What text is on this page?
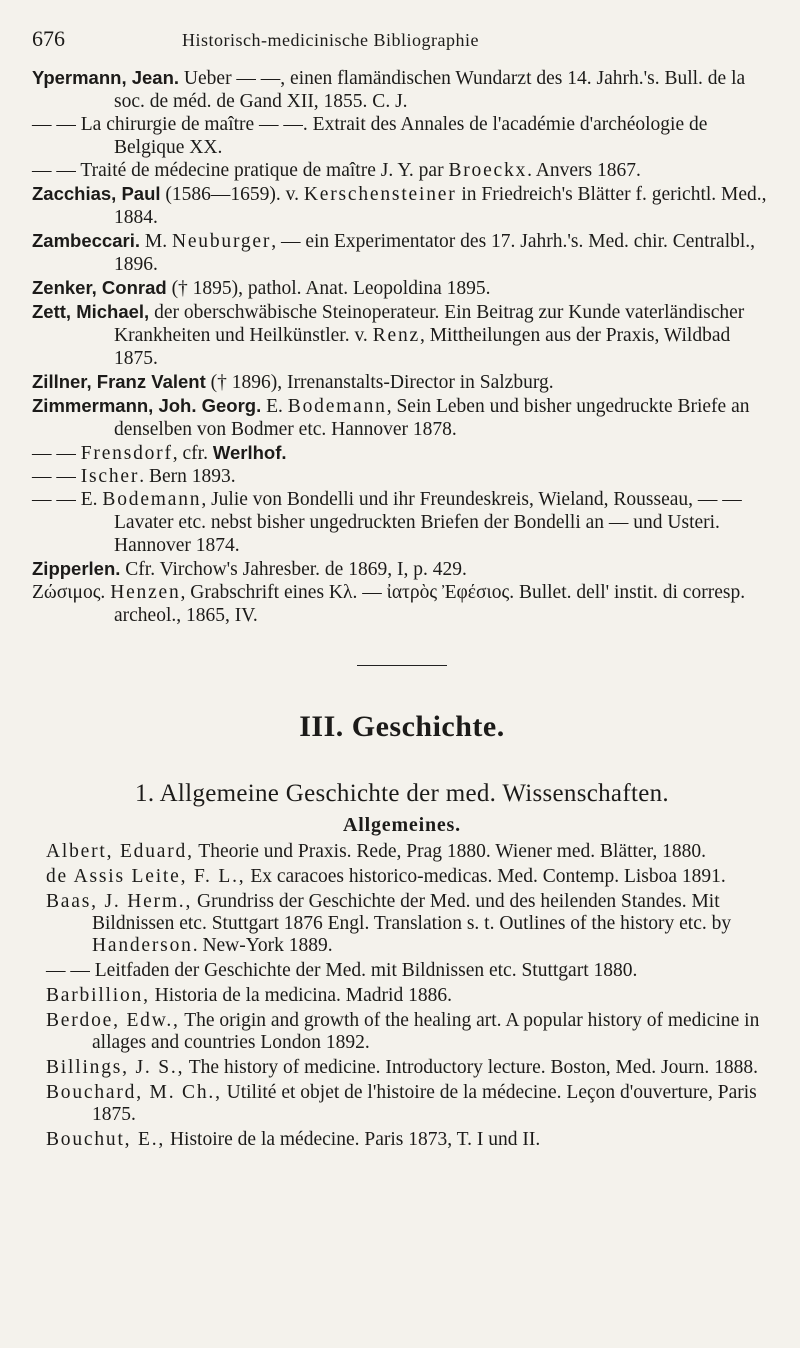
676	Historisch-medicinische Bibliographie

Ypermann, Jean. Ueber — —, einen flamändischen Wundarzt des 14. Jahrh.'s. Bull. de la soc. de méd. de Gand XII, 1855. C. J.

— — La chirurgie de maître — —. Extrait des Annales de l'académie d'archéologie de Belgique XX.

— — Traité de médecine pratique de maître J. Y. par Broeckx. Anvers 1867.

Zacchias, Paul (1586—1659). v. Kerschensteiner in Friedreich's Blätter f. gerichtl. Med., 1884.

Zambeccari. M. Neuburger, — ein Experimentator des 17. Jahrh.'s. Med. chir. Centralbl., 1896.

Zenker, Conrad († 1895), pathol. Anat. Leopoldina 1895.

Zett, Michael, der oberschwäbische Steinoperateur. Ein Beitrag zur Kunde vaterländischer Krankheiten und Heilkünstler. v. Renz, Mittheilungen aus der Praxis, Wildbad 1875.

Zillner, Franz Valent († 1896), Irrenanstalts-Director in Salzburg.

Zimmermann, Joh. Georg. E. Bodemann, Sein Leben und bisher ungedruckte Briefe an denselben von Bodmer etc. Hannover 1878.

— — Frensdorf, cfr. Werlhof.

— — Ischer. Bern 1893.

— — E. Bodemann, Julie von Bondelli und ihr Freundeskreis, Wieland, Rousseau, — — Lavater etc. nebst bisher ungedruckten Briefen der Bondelli an — und Usteri. Hannover 1874.

Zipperlen. Cfr. Virchow's Jahresber. de 1869, I, p. 429.

Ζώσιμος. Henzen, Grabschrift eines Κλ. — ἰατρὸς Ἐφέσιος. Bullet. dell' instit. di corresp. archeol., 1865, IV.

III. Geschichte.
1. Allgemeine Geschichte der med. Wissenschaften.
Allgemeines.

Albert, Eduard, Theorie und Praxis. Rede, Prag 1880. Wiener med. Blätter, 1880.

de Assis Leite, F. L., Ex caracoes historico-medicas. Med. Contemp. Lisboa 1891.

Baas, J. Herm., Grundriss der Geschichte der Med. und des heilenden Standes. Mit Bildnissen etc. Stuttgart 1876 Engl. Translation s. t. Outlines of the history etc. by Handerson. New-York 1889.

— — Leitfaden der Geschichte der Med. mit Bildnissen etc. Stuttgart 1880.

Barbillion, Historia de la medicina. Madrid 1886.

Berdoe, Edw., The origin and growth of the healing art. A popular history of medicine in allages and countries London 1892.

Billings, J. S., The history of medicine. Introductory lecture. Boston, Med. Journ. 1888.

Bouchard, M. Ch., Utilité et objet de l'histoire de la médecine. Leçon d'ouverture, Paris 1875.

Bouchut, E., Histoire de la médecine. Paris 1873, T. I und II.
